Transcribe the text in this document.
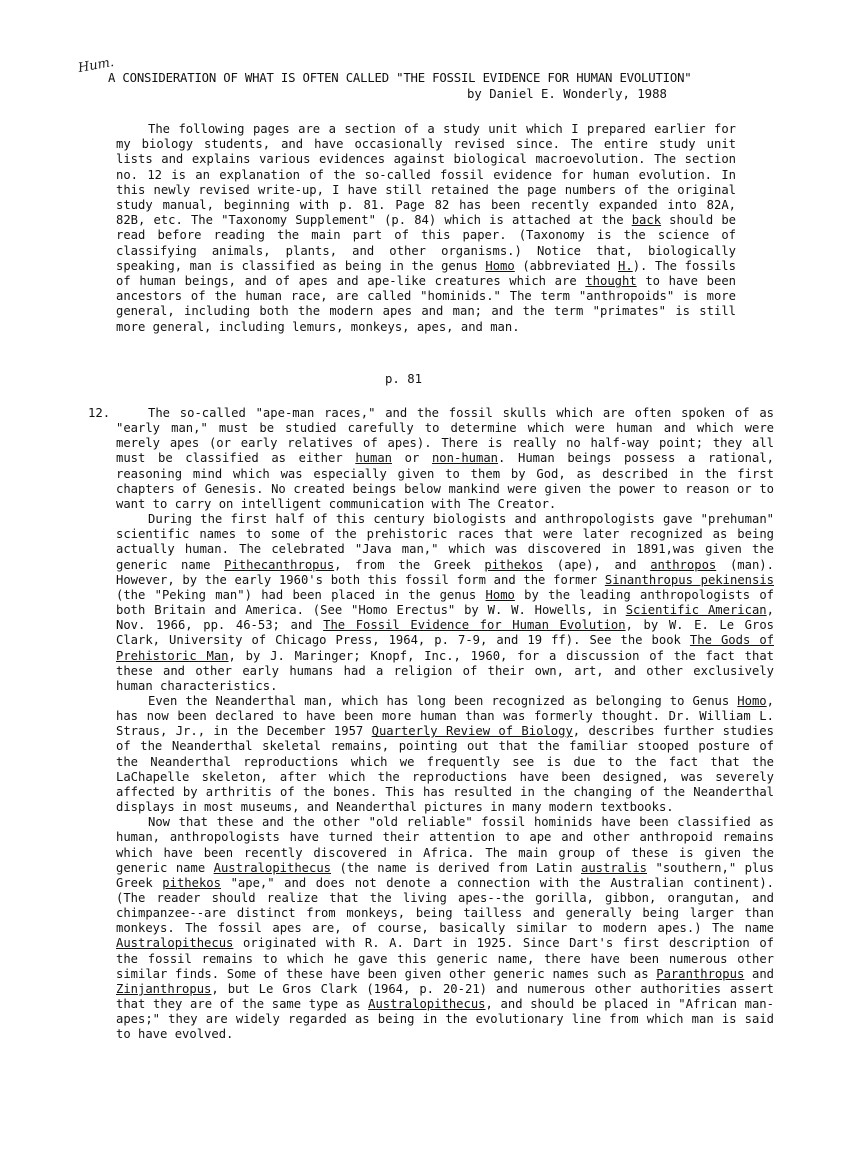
Hum.
A CONSIDERATION OF WHAT IS OFTEN CALLED "THE FOSSIL EVIDENCE FOR HUMAN EVOLUTION"
by Daniel E. Wonderly, 1988

The following pages are a section of a study unit which I prepared earlier for my biology students, and have occasionally revised since. The entire study unit lists and explains various evidences against biological macroevolution. The section no. 12 is an explanation of the so-called fossil evidence for human evolution. In this newly revised write-up, I have still retained the page numbers of the original study manual, beginning with p. 81. Page 82 has been recently expanded into 82A, 82B, etc. The "Taxonomy Supplement" (p. 84) which is attached at the back should be read before reading the main part of this paper. (Taxonomy is the science of classifying animals, plants, and other organisms.) Notice that, biologically speaking, man is classified as being in the genus Homo (abbreviated H.). The fossils of human beings, and of apes and ape-like creatures which are thought to have been ancestors of the human race, are called "hominids." The term "anthropoids" is more general, including both the modern apes and man; and the term "primates" is still more general, including lemurs, monkeys, apes, and man.

p. 81
12.	The so-called "ape-man races," and the fossil skulls which are often spoken of as "early man," must be studied carefully to determine which were human and which were merely apes (or early relatives of apes). There is really no half-way point; they all must be classified as either human or non-human. Human beings possess a rational, reasoning mind which was especially given to them by God, as described in the first chapters of Genesis. No created beings below mankind were given the power to reason or to want to carry on intelligent communication with The Creator.

During the first half of this century biologists and anthropologists gave "prehuman" scientific names to some of the prehistoric races that were later recognized as being actually human. The celebrated "Java man," which was discovered in 1891,was given the generic name Pithecanthropus, from the Greek pithekos (ape), and anthropos (man). However, by the early 1960's both this fossil form and the former Sinanthropus pekinensis (the "Peking man") had been placed in the genus Homo by the leading anthropologists of both Britain and America. (See "Homo Erectus" by W. W. Howells, in Scientific American, Nov. 1966, pp. 46-53; and The Fossil Evidence for Human Evolution, by W. E. Le Gros Clark, University of Chicago Press, 1964, p. 7-9, and 19 ff). See the book The Gods of Prehistoric Man, by J. Maringer; Knopf, Inc., 1960, for a discussion of the fact that these and other early humans had a religion of their own, art, and other exclusively human characteristics.

Even the Neanderthal man, which has long been recognized as belonging to Genus Homo, has now been declared to have been more human than was formerly thought. Dr. William L. Straus, Jr., in the December 1957 Quarterly Review of Biology, describes further studies of the Neanderthal skeletal remains, pointing out that the familiar stooped posture of the Neanderthal reproductions which we frequently see is due to the fact that the LaChapelle skeleton, after which the reproductions have been designed, was severely affected by arthritis of the bones. This has resulted in the changing of the Neanderthal displays in most museums, and Neanderthal pictures in many modern textbooks.

Now that these and the other "old reliable" fossil hominids have been classified as human, anthropologists have turned their attention to ape and other anthropoid remains which have been recently discovered in Africa. The main group of these is given the generic name Australopithecus (the name is derived from Latin australis "southern," plus Greek pithekos "ape," and does not denote a connection with the Australian continent). (The reader should realize that the living apes--the gorilla, gibbon, orangutan, and chimpanzee--are distinct from monkeys, being tailless and generally being larger than monkeys. The fossil apes are, of course, basically similar to modern apes.) The name Australopithecus originated with R. A. Dart in 1925. Since Dart's first description of the fossil remains to which he gave this generic name, there have been numerous other similar finds. Some of these have been given other generic names such as Paranthropus and Zinjanthropus, but Le Gros Clark (1964, p. 20-21) and numerous other authorities assert that they are of the same type as Australopithecus, and should be placed in "African man-apes;" they are widely regarded as being in the evolutionary line from which man is said to have evolved.
